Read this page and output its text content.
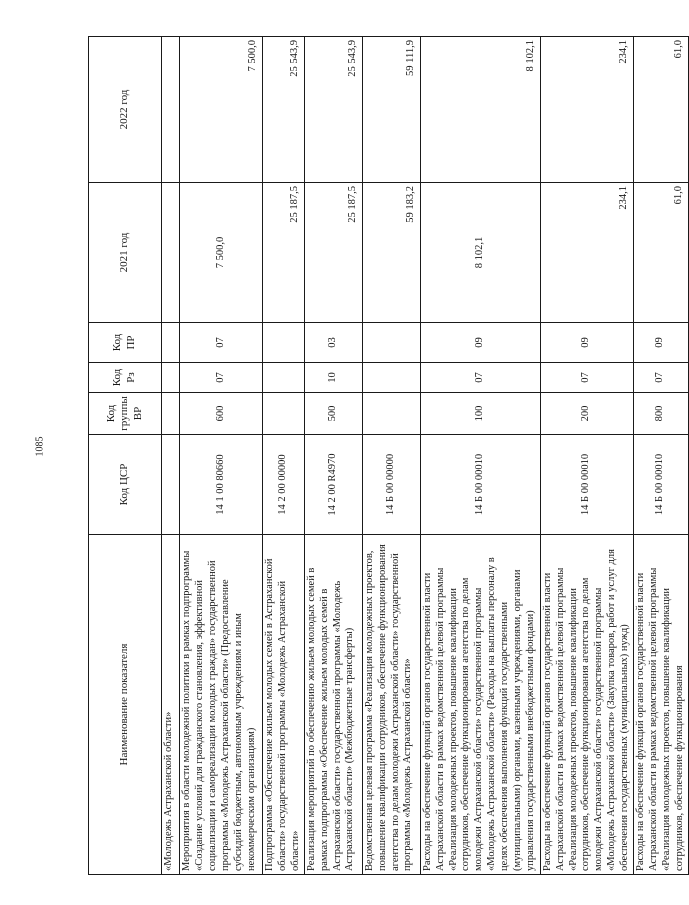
1085
Наименование показателя	Код ЦСР	Код группы ВР	Код Рз	Код ПР	2021 год	2022 год
«Молодежь Астраханской области»						
Мероприятия в области молодежной политики в рамках подпрограммы «Создание условий для гражданского становления, эффективной социализации и самореализации молодых граждан» государственной программы «Молодежь Астраханской области» (Предоставление субсидий бюджетным, автономным учреждениям и иным некоммерческим организациям)	14 1 00 80660	600	07	07	7 500,0	7 500,0
Подпрограмма «Обеспечение жильем молодых семей в Астраханской области» государственной программы «Молодежь Астраханской области»	14 2 00 00000				25 187,5	25 543,9
Реализация мероприятий по обеспечению жильем молодых семей в рамках подпрограммы «Обеспечение жильем молодых семей в Астраханской области» государственной программы «Молодежь Астраханской области» (Межбюджетные трансферты)	14 2 00 R4970	500	10	03	25 187,5	25 543,9
Ведомственная целевая программа «Реализация молодежных проектов, повышение квалификации сотрудников, обеспечение функционирования агентства по делам молодежи Астраханской области» государственной программы «Молодежь Астраханской области»	14 Б 00 00000				59 183,2	59 111,9
Расходы на обеспечение функций органов государственной власти Астраханской области в рамках ведомственной целевой программы «Реализация молодежных проектов, повышение квалификации сотрудников, обеспечение функционирования агентства по делам молодежи Астраханской области» государственной программы «Молодежь Астраханской области» (Расходы на выплаты персоналу в целях обеспечения выполнения функций государственными (муниципальными) органами, казенными учреждениями, органами управления государственными внебюджетными фондами)	14 Б 00 00010	100	07	09	8 102,1	8 102,1
Расходы на обеспечение функций органов государственной власти Астраханской области в рамках ведомственной целевой программы «Реализация молодежных проектов, повышение квалификации сотрудников, обеспечение функционирования агентства по делам молодежи Астраханской области» государственной программы «Молодежь Астраханской области» (Закупка товаров, работ и услуг для обеспечения государственных (муниципальных) нужд)	14 Б 00 00010	200	07	09	234,1	234,1
Расходы на обеспечение функций органов государственной власти Астраханской области в рамках ведомственной целевой программы «Реализация молодежных проектов, повышение квалификации сотрудников, обеспечение функционирования	14 Б 00 00010	800	07	09	61,0	61,0
